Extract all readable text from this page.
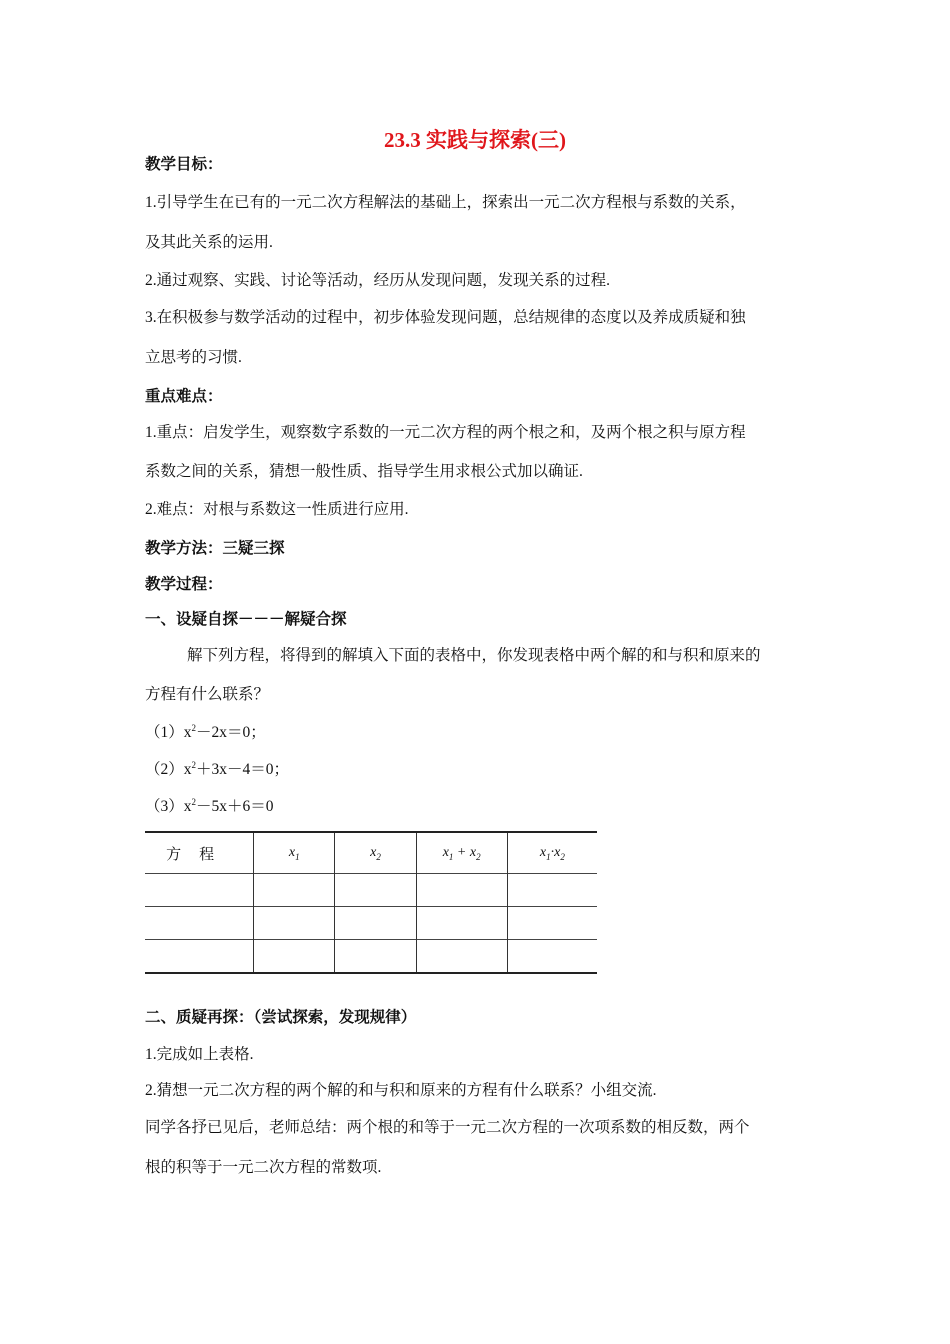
23.3 实践与探索(三)
教学目标：
1.引导学生在已有的一元二次方程解法的基础上，探索出一元二次方程根与系数的关系，
及其此关系的运用.
2.通过观察、实践、讨论等活动，经历从发现问题，发现关系的过程.
3.在积极参与数学活动的过程中，初步体验发现问题，总结规律的态度以及养成质疑和独
立思考的习惯.
重点难点：
1.重点：启发学生，观察数字系数的一元二次方程的两个根之和，及两个根之积与原方程
系数之间的关系，猜想一般性质、指导学生用求根公式加以确证.
2.难点：对根与系数这一性质进行应用.
教学方法：三疑三探
教学过程：
一、设疑自探－－－解疑合探
解下列方程，将得到的解填入下面的表格中，你发现表格中两个解的和与积和原来的
方程有什么联系？
$(1)x^2-2x=0$；
$(2)x^2+3x-4=0$；
$(3)x^2-5x+6=0$
方程	$x_1$	$x_2$	$x_1 + x_2$	$x_1\cdot x_2$

二、质疑再探：（尝试探索，发现规律）
1.完成如上表格.
2.猜想一元二次方程的两个解的和与积和原来的方程有什么联系？小组交流.
同学各抒已见后，老师总结：两个根的和等于一元二次方程的一次项系数的相反数，两个
根的积等于一元二次方程的常数项.
